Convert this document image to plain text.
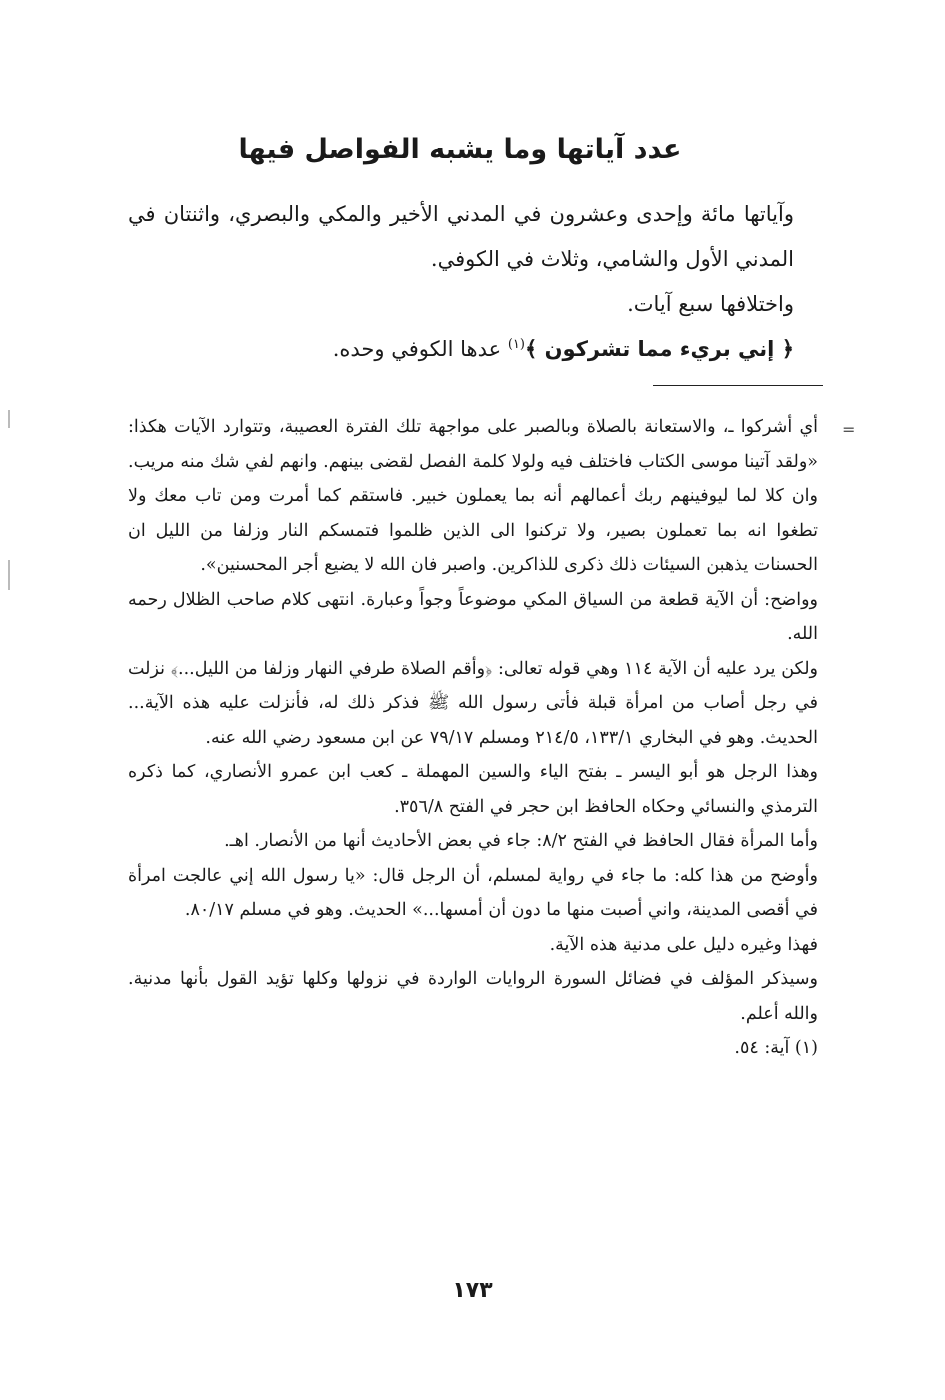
عدد آياتها وما يشبه الفواصل فيها

وآياتها مائة وإحدى وعشرون في المدني الأخير والمكي والبصري، واثنتان في المدني الأول والشامي، وثلاث في الكوفي.

واختلافها سبع آيات.

﴿ إني بريء مما تشركون ﴾$^{(١)}$ عدها الكوفي وحده.

=

أي أشركوا ـ، والاستعانة بالصلاة وبالصبر على مواجهة تلك الفترة العصيبة، وتتوارد الآيات هكذا: «ولقد آتينا موسى الكتاب فاختلف فيه ولولا كلمة الفصل لقضى بينهم. وانهم لفي شك منه مريب. وان كلا لما ليوفينهم ربك أعمالهم أنه بما يعملون خبير. فاستقم كما أمرت ومن تاب معك ولا تطغوا انه بما تعملون بصير، ولا تركنوا الى الذين ظلموا فتمسكم النار وزلفا من الليل ان الحسنات يذهبن السيئات ذلك ذكرى للذاكرين. واصبر فان الله لا يضيع أجر المحسنين».

وواضح: أن الآية قطعة من السياق المكي موضوعاً وجواً وعبارة. انتهى كلام صاحب الظلال رحمه الله.

ولكن يرد عليه أن الآية ١١٤ وهي قوله تعالى: ﴿وأقم الصلاة طرفي النهار وزلفا من الليل...﴾ نزلت في رجل أصاب من امرأة قبلة فأتى رسول الله ﷺ فذكر ذلك له، فأنزلت عليه هذه الآية... الحديث. وهو في البخاري ١٣٣/١، ٢١٤/٥ ومسلم ٧٩/١٧ عن ابن مسعود رضي الله عنه.

وهذا الرجل هو أبو اليسر ـ بفتح الياء والسين المهملة ـ كعب ابن عمرو الأنصاري، كما ذكره الترمذي والنسائي وحكاه الحافظ ابن حجر في الفتح ٣٥٦/٨.

وأما المرأة فقال الحافظ في الفتح ٨/٢: جاء في بعض الأحاديث أنها من الأنصار. اهـ.

وأوضح من هذا كله: ما جاء في رواية لمسلم، أن الرجل قال: «يا رسول الله إني عالجت امرأة في أقصى المدينة، واني أصبت منها ما دون أن أمسها...» الحديث. وهو في مسلم ٨٠/١٧.

فهذا وغيره دليل على مدنية هذه الآية.

وسيذكر المؤلف في فضائل السورة الروايات الواردة في نزولها وكلها تؤيد القول بأنها مدنية. والله أعلم.

(١) آية: ٥٤.

١٧٣
